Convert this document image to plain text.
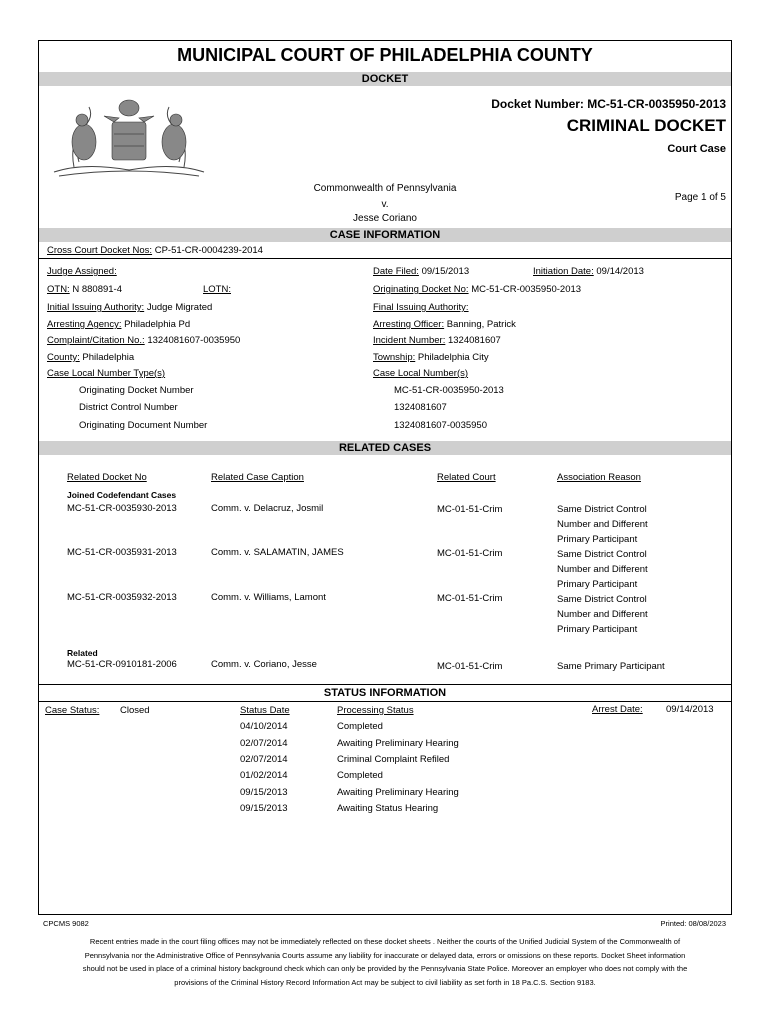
MUNICIPAL COURT OF PHILADELPHIA COUNTY
DOCKET
Docket Number: MC-51-CR-0035950-2013
CRIMINAL DOCKET
Court Case
Commonwealth of Pennsylvania
v.
Jesse Coriano
Page 1 of 5
CASE INFORMATION
Cross Court Docket Nos: CP-51-CR-0004239-2014
Judge Assigned:	Date Filed: 09/15/2013	Initiation Date: 09/14/2013
OTN: N 880891-4	LOTN:	Originating Docket No: MC-51-CR-0035950-2013
Initial Issuing Authority: Judge Migrated	Final Issuing Authority:
Arresting Agency: Philadelphia Pd	Arresting Officer: Banning, Patrick
Complaint/Citation No.: 1324081607-0035950	Incident Number: 1324081607
County: Philadelphia	Township: Philadelphia City
Case Local Number Type(s)	Case Local Number(s)
Originating Docket Number	MC-51-CR-0035950-2013
District Control Number	1324081607
Originating Document Number	1324081607-0035950
RELATED CASES
Related Docket No	Related Case Caption	Related Court	Association Reason
Joined Codefendant Cases
MC-51-CR-0035930-2013	Comm. v. Delacruz, Josmil	MC-01-51-Crim	Same District Control
Number and Different
Primary Participant
MC-51-CR-0035931-2013	Comm. v. SALAMATIN, JAMES	MC-01-51-Crim	Same District Control
Number and Different
Primary Participant
MC-51-CR-0035932-2013	Comm. v. Williams, Lamont	MC-01-51-Crim	Same District Control
Number and Different
Primary Participant
Related
MC-51-CR-0910181-2006	Comm. v. Coriano, Jesse	MC-01-51-Crim	Same Primary Participant
STATUS INFORMATION
Case Status: Closed	Status Date	Processing Status	Arrest Date: 09/14/2013
04/10/2014	Completed
02/07/2014	Awaiting Preliminary Hearing
02/07/2014	Criminal Complaint Refiled
01/02/2014	Completed
09/15/2013	Awaiting Preliminary Hearing
09/15/2013	Awaiting Status Hearing
CPCMS 9082	Printed: 08/08/2023
Recent entries made in the court filing offices may not be immediately reflected on these docket sheets . Neither the courts of the Unified Judicial System of the Commonwealth of Pennsylvania nor the Administrative Office of Pennsylvania Courts assume any liability for inaccurate or delayed data, errors or omissions on these reports. Docket Sheet information should not be used in place of a criminal history background check which can only be provided by the Pennsylvania State Police. Moreover an employer who does not comply with the provisions of the Criminal History Record Information Act may be subject to civil liability as set forth in 18 Pa.C.S. Section 9183.
